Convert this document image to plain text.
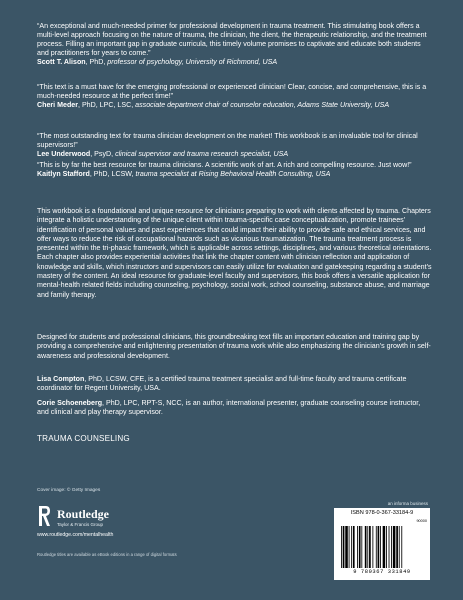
“An exceptional and much-needed primer for professional development in trauma treatment. This stimulating book offers a multi-level approach focusing on the nature of trauma, the clinician, the client, the therapeutic relationship, and the treatment process. Filling an important gap in graduate curricula, this timely volume promises to captivate and educate both students and practitioners for years to come.”

Scott T. Alison, PhD, professor of psychology, University of Richmond, USA

“This text is a must have for the emerging professional or experienced clinician! Clear, concise, and comprehensive, this is a much-needed resource at the perfect time!”

Cheri Meder, PhD, LPC, LSC, associate department chair of counselor education, Adams State University, USA

“The most outstanding text for trauma clinician development on the market! This workbook is an invaluable tool for clinical supervisors!”

Lee Underwood, PsyD, clinical supervisor and trauma research specialist, USA

“This is by far the best resource for trauma clinicians. A scientific work of art. A rich and compelling resource. Just wow!”

Kaitlyn Stafford, PhD, LCSW, trauma specialist at Rising Behavioral Health Consulting, USA

This workbook is a foundational and unique resource for clinicians preparing to work with clients affected by trauma. Chapters integrate a holistic understanding of the unique client within trauma-specific case conceptualization, promote trainees’ identification of personal values and past experiences that could impact their ability to provide safe and ethical services, and offer ways to reduce the risk of occupational hazards such as vicarious traumatization. The trauma treatment process is presented within the tri-phasic framework, which is applicable across settings, disciplines, and various theoretical orientations. Each chapter also provides experiential activities that link the chapter content with clinician reflection and application of knowledge and skills, which instructors and supervisors can easily utilize for evaluation and gatekeeping regarding a student’s mastery of the content. An ideal resource for graduate-level faculty and supervisors, this book offers a versatile application for mental-health related fields including counseling, psychology, social work, school counseling, substance abuse, and marriage and family therapy.

Designed for students and professional clinicians, this groundbreaking text fills an important education and training gap by providing a comprehensive and enlightening presentation of trauma work while also emphasizing the clinician’s growth in self-awareness and professional development.

Lisa Compton, PhD, LCSW, CFE, is a certified trauma treatment specialist and full-time faculty and trauma certificate coordinator for Regent University, USA.

Corie Schoeneberg, PhD, LPC, RPT-S, NCC, is an author, international presenter, graduate counseling course instructor, and clinical and play therapy supervisor.

TRAUMA COUNSELING
Cover image: © Getty Images
Routledge
Taylor & Francis Group
www.routledge.com/mentalhealth
Routledge titles are available as eBook editions in a range of digital formats
an informa business
ISBN 978-0-367-33184-9
90000
9 780367 331849
